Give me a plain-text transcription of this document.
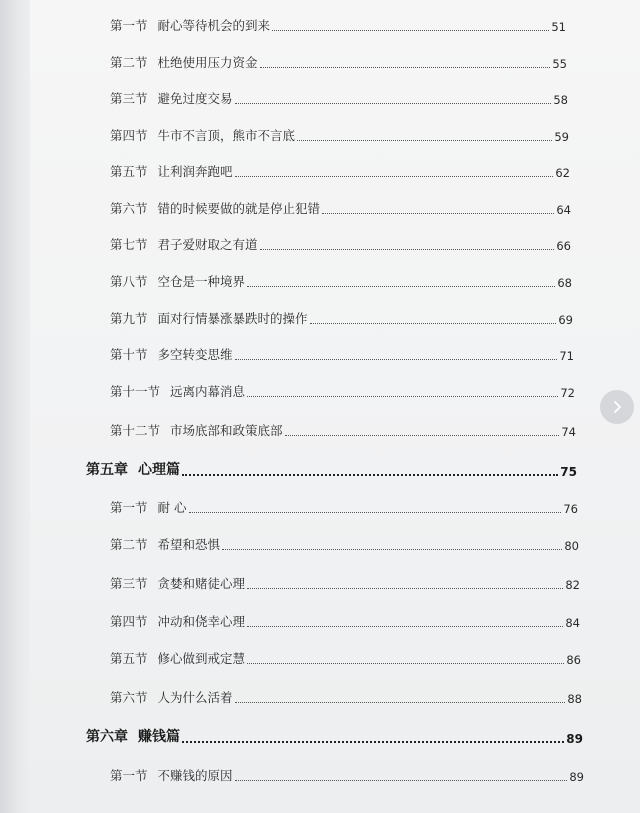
第一节 耐心等待机会的到来	51
第二节 杜绝使用压力资金	55
第三节 避免过度交易	58
第四节 牛市不言顶，熊市不言底	59
第五节 让利润奔跑吧	62
第六节 错的时候要做的就是停止犯错	64
第七节 君子爱财取之有道	66
第八节 空仓是一种境界	68
第九节 面对行情暴涨暴跌时的操作	69
第十节 多空转变思维	71
第十一节 远离内幕消息	72
第十二节 市场底部和政策底部	74
第五章 心理篇	75
第一节 耐 心	76
第二节 希望和恐惧	80
第三节 贪婪和赌徒心理	82
第四节 冲动和侥幸心理	84
第五节 修心做到戒定慧	86
第六节 人为什么活着	88
第六章 赚钱篇	89
第一节 不赚钱的原因	89
